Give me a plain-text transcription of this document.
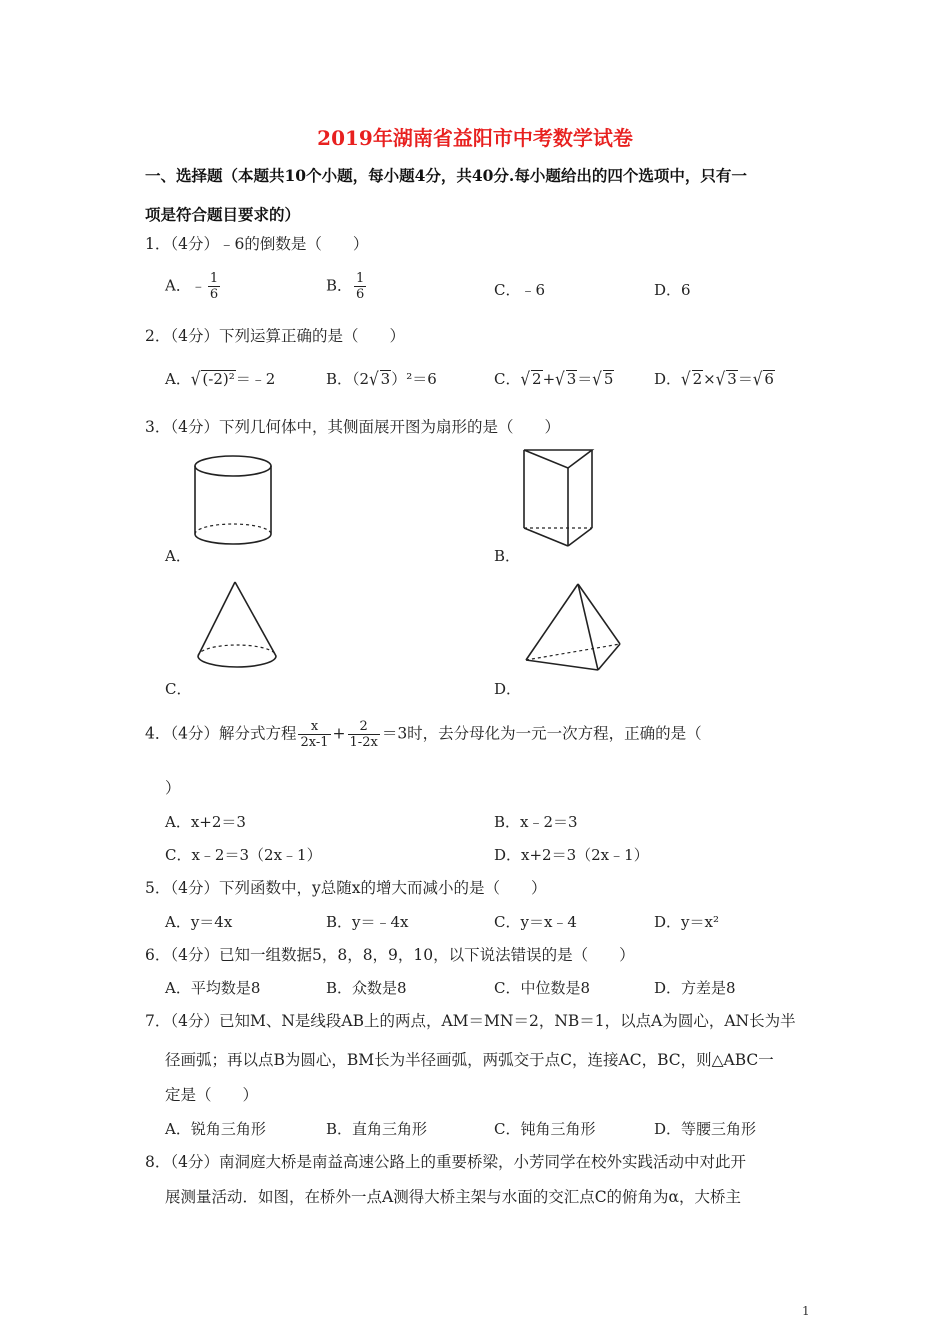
2019年湖南省益阳市中考数学试卷
一、选择题（本题共10个小题，每小题4分，共40分.每小题给出的四个选项中，只有一
项是符合题目要求的）
1．（4分）﹣6的倒数是（　　）
A．﹣ $\frac{1}{6}$	B． $\frac{1}{6}$	C．﹣6	D．6
2．（4分）下列运算正确的是（　　）
A．√ (-2)²＝﹣2	B．（2√ 3）²＝6	C．√ 2+√ 3＝√ 5	D．√ 2×√ 3＝√ 6
3．（4分）下列几何体中，其侧面展开图为扇形的是（　　）
A．	B．
C．	D．
4．（4分）解分式方程 $\frac{x}{2x-1} + \frac{2}{1-2x} =3$时，去分母化为一元一次方程，正确的是（
）
A．x+2＝3	B．x﹣2＝3
C．x﹣2＝3（2x﹣1）	D．x+2＝3（2x﹣1）
5．（4分）下列函数中，y总随x的增大而减小的是（　　）
A．y＝4x	B．y＝﹣4x	C．y＝x﹣4	D．y＝x²
6．（4分）已知一组数据5，8，8，9，10，以下说法错误的是（　　）
A．平均数是8	B．众数是8	C．中位数是8	D．方差是8
7．（4分）已知M、N是线段AB上的两点，AM＝MN＝2，NB＝1，以点A为圆心，AN长为半
径画弧；再以点B为圆心，BM长为半径画弧，两弧交于点C，连接AC，BC，则△ABC一
定是（　　）
A．锐角三角形	B．直角三角形	C．钝角三角形	D．等腰三角形
8．（4分）南洞庭大桥是南益高速公路上的重要桥梁，小芳同学在校外实践活动中对此开
展测量活动．如图，在桥外一点A测得大桥主架与水面的交汇点C的俯角为α，大桥主
1
